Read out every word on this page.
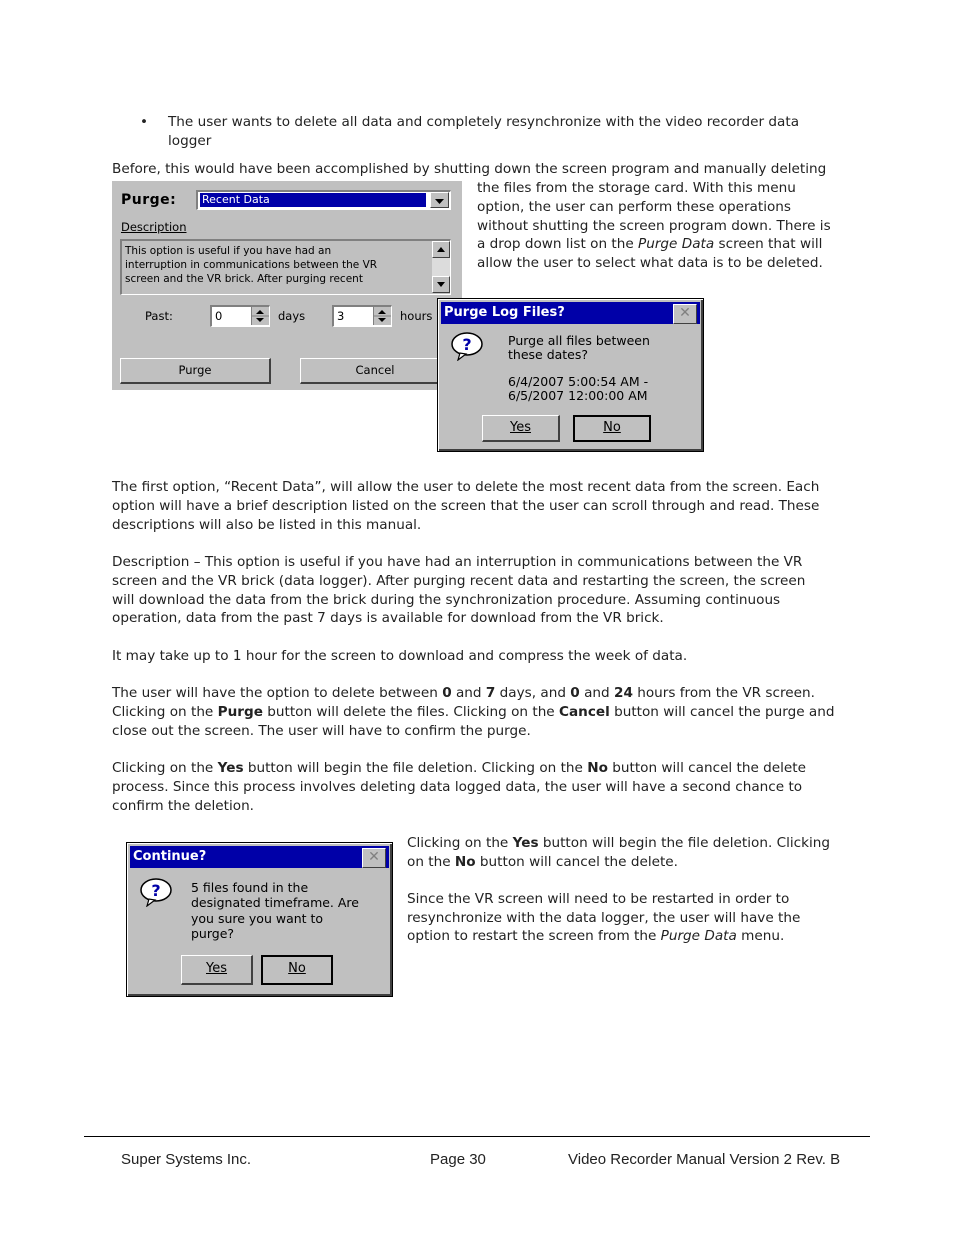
• The user wants to delete all data and completely resynchronize with the video recorder data
logger
Before, this would have been accomplished by shutting down the screen program and manually deleting
the files from the storage card. With this menu
option, the user can perform these operations
without shutting the screen program down. There is
a drop down list on the Purge Data screen that will
allow the user to select what data is to be deleted.
Purge: Recent Data
Description
This option is useful if you have had an
interruption in communications between the VR
screen and the VR brick. After purging recent
Past:	0	days	3	hours
Purge	Cancel
Purge Log Files?	✕
?	Purge all files between
these dates?
6/4/2007 5:00:54 AM -
6/5/2007 12:00:00 AM
Yes	No
The first option, “Recent Data”, will allow the user to delete the most recent data from the screen. Each
option will have a brief description listed on the screen that the user can scroll through and read. These
descriptions will also be listed in this manual.
Description – This option is useful if you have had an interruption in communications between the VR
screen and the VR brick (data logger). After purging recent data and restarting the screen, the screen
will download the data from the brick during the synchronization procedure. Assuming continuous
operation, data from the past 7 days is available for download from the VR brick.
It may take up to 1 hour for the screen to download and compress the week of data.
The user will have the option to delete between 0 and 7 days, and 0 and 24 hours from the VR screen.
Clicking on the Purge button will delete the files. Clicking on the Cancel button will cancel the purge and
close out the screen. The user will have to confirm the purge.
Clicking on the Yes button will begin the file deletion. Clicking on the No button will cancel the delete
process. Since this process involves deleting data logged data, the user will have a second chance to
confirm the deletion.
Continue?	✕
? 5 files found in the
designated timeframe. Are
you sure you want to
purge?
Yes	No
Clicking on the Yes button will begin the file deletion. Clicking
on the No button will cancel the delete.
Since the VR screen will need to be restarted in order to
resynchronize with the data logger, the user will have the
option to restart the screen from the Purge Data menu.
Super Systems Inc.	Page 30	Video Recorder Manual Version 2 Rev. B
